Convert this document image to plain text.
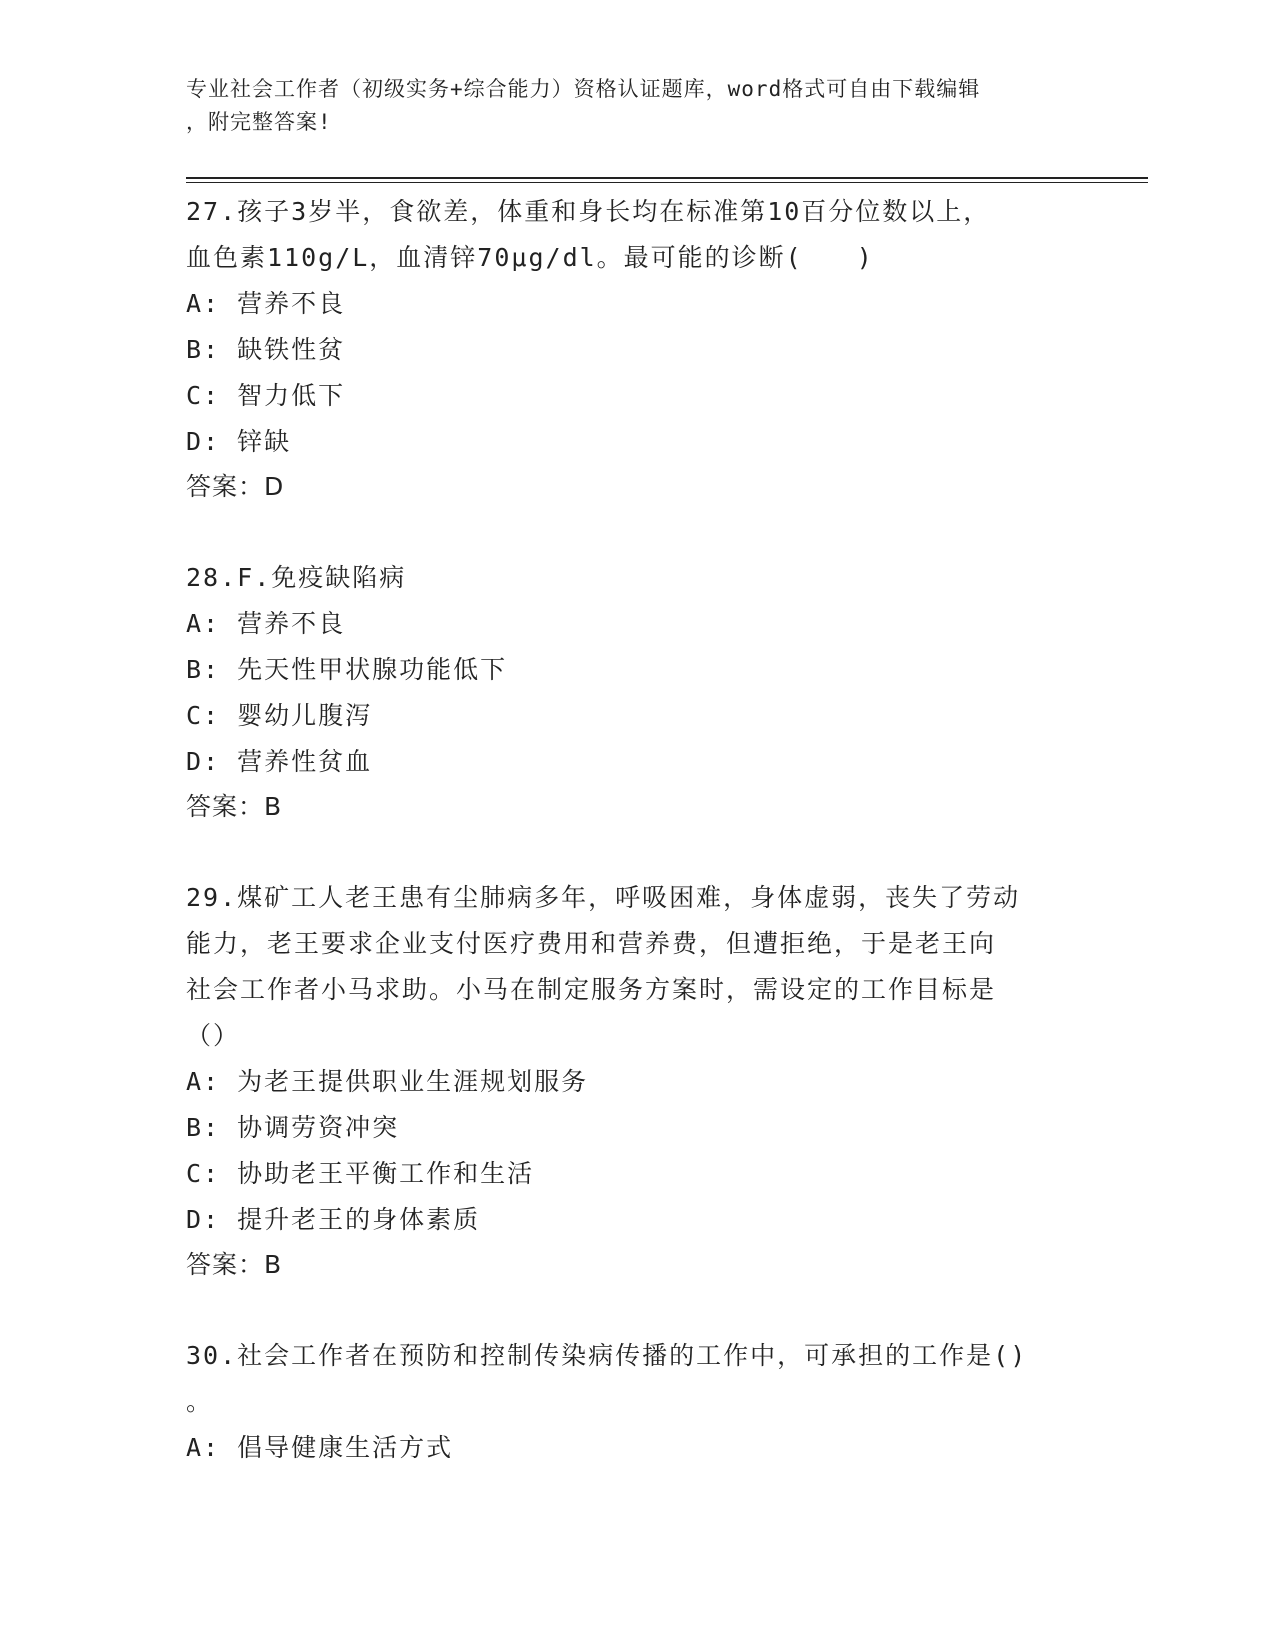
专业社会工作者（初级实务+综合能力）资格认证题库，word格式可自由下载编辑
，附完整答案!
27.孩子3岁半，食欲差，体重和身长均在标准第10百分位数以上，
血色素110g/L，血清锌70μg/dl。最可能的诊断(　　)
A: 营养不良
B: 缺铁性贫
C: 智力低下
D: 锌缺
答案：D
28.F.免疫缺陷病
A: 营养不良
B: 先天性甲状腺功能低下
C: 婴幼儿腹泻
D: 营养性贫血
答案：B
29.煤矿工人老王患有尘肺病多年，呼吸困难，身体虚弱，丧失了劳动
能力，老王要求企业支付医疗费用和营养费，但遭拒绝，于是老王向
社会工作者小马求助。小马在制定服务方案时，需设定的工作目标是
（）
A: 为老王提供职业生涯规划服务
B: 协调劳资冲突
C: 协助老王平衡工作和生活
D: 提升老王的身体素质
答案：B
30.社会工作者在预防和控制传染病传播的工作中，可承担的工作是()
。
A: 倡导健康生活方式
